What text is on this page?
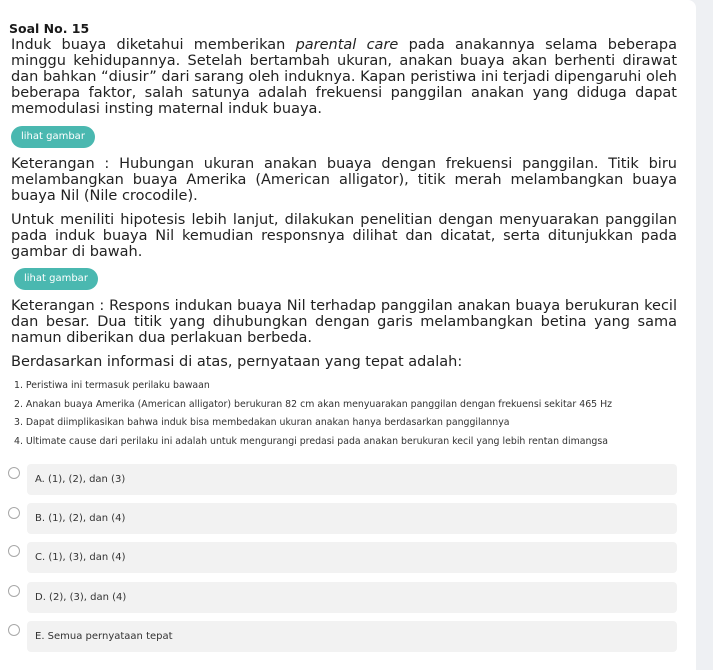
Soal No. 15
Induk buaya diketahui memberikan parental care pada anakannya selama beberapa minggu kehidupannya. Setelah bertambah ukuran, anakan buaya akan berhenti dirawat dan bahkan “diusir” dari sarang oleh induknya. Kapan peristiwa ini terjadi dipengaruhi oleh beberapa faktor, salah satunya adalah frekuensi panggilan anakan yang diduga dapat memodulasi insting maternal induk buaya.
lihat gambar
Keterangan : Hubungan ukuran anakan buaya dengan frekuensi panggilan. Titik biru melambangkan buaya Amerika (American alligator), titik merah melambangkan buaya buaya Nil (Nile crocodile).
Untuk meniliti hipotesis lebih lanjut, dilakukan penelitian dengan menyuarakan panggilan pada induk buaya Nil kemudian responsnya dilihat dan dicatat, serta ditunjukkan pada gambar di bawah.
lihat gambar
Keterangan : Respons indukan buaya Nil terhadap panggilan anakan buaya berukuran kecil dan besar. Dua titik yang dihubungkan dengan garis melambangkan betina yang sama namun diberikan dua perlakuan berbeda.
Berdasarkan informasi di atas, pernyataan yang tepat adalah:
1. Peristiwa ini termasuk perilaku bawaan
2. Anakan buaya Amerika (American alligator) berukuran 82 cm akan menyuarakan panggilan dengan frekuensi sekitar 465 Hz
3. Dapat diimplikasikan bahwa induk bisa membedakan ukuran anakan hanya berdasarkan panggilannya
4. Ultimate cause dari perilaku ini adalah untuk mengurangi predasi pada anakan berukuran kecil yang lebih rentan dimangsa
A. (1), (2), dan (3)
B. (1), (2), dan (4)
C. (1), (3), dan (4)
D. (2), (3), dan (4)
E. Semua pernyataan tepat
